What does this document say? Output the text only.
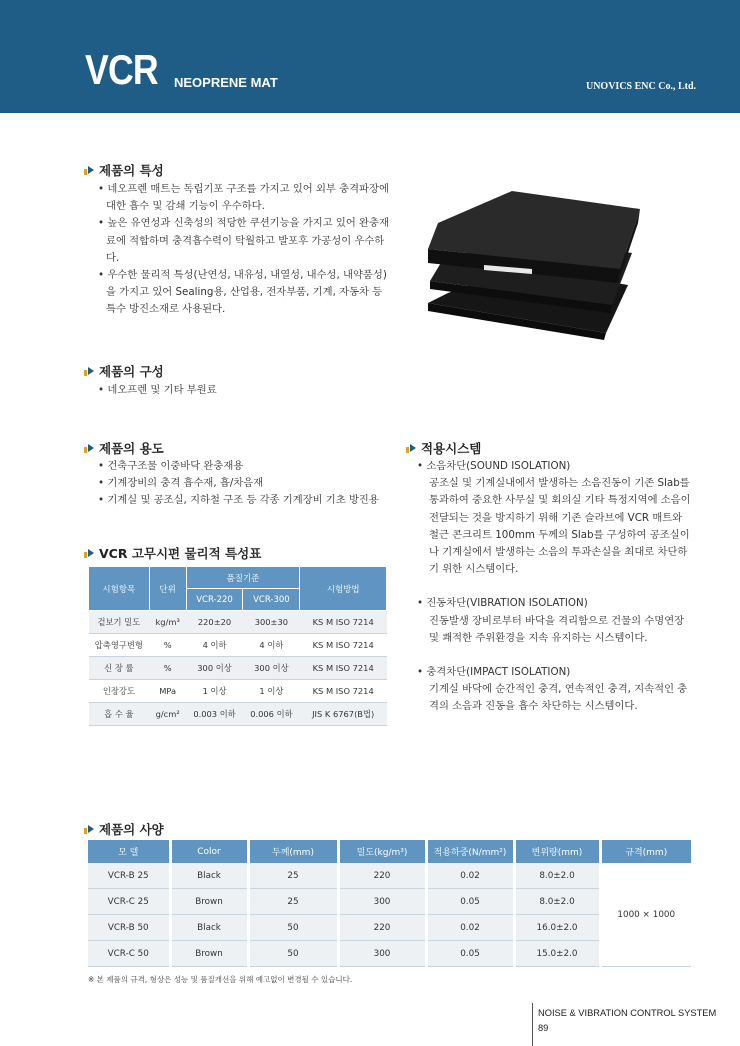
VCR NEOPRENE MAT	UNOVICS ENC Co., Ltd.
제품의 특성
• 네오프렌 매트는 독립기포 구조를 가지고 있어 외부 충격파장에 대한 흡수 및 감쇄 기능이 우수하다.
• 높은 유연성과 신축성의 적당한 쿠션기능을 가지고 있어 완충재료에 적합하며 충격흡수력이 탁월하고 발포후 가공성이 우수하다.
• 우수한 물리적 특성(난연성, 내유성, 내열성, 내수성, 내약품성)을 가지고 있어 Sealing용, 산업용, 전자부품, 기계, 자동차 등 특수 방진소재로 사용된다.
제품의 구성
• 네오프렌 및 기타 부원료
제품의 용도
• 건축구조물 이중바닥 완충재용
• 기계장비의 충격 흡수재, 흡/차음재
• 기계실 및 공조실, 지하철 구조 등 각종 기계장비 기초 방진용
VCR 고무시편 물리적 특성표
시험항목	단위	품질기준		시험방법
		VCR-220	VCR-300	
겉보기 밀도	kg/m³	220±20	300±30	KS M ISO 7214
압축영구변형	%	4 이하	4 이하	KS M ISO 7214
신 장 률	%	300 이상	300 이상	KS M ISO 7214
인장강도	MPa	1 이상	1 이상	KS M ISO 7214
흡 수 율	g/cm²	0.003 이하	0.006 이하	JIS K 6767(B법)
적용시스템
• 소음차단(SOUND ISOLATION)
공조실 및 기계실내에서 발생하는 소음진동이 기존 Slab를 통과하여 중요한 사무실 및 회의실 기타 특정지역에 소음이 전달되는 것을 방지하기 위해 기존 슬라브에 VCR 매트와 철근 콘크리트 100mm 두께의 Slab를 구성하여 공조실이나 기계실에서 발생하는 소음의 투과손실을 최대로 차단하기 위한 시스템이다.
• 진동차단(VIBRATION ISOLATION)
진동발생 장비로부터 바닥을 격리함으로 건물의 수명연장 및 쾌적한 주위환경을 지속 유지하는 시스템이다.
• 충격차단(IMPACT ISOLATION)
기계실 바닥에 순간적인 충격, 연속적인 충격, 지속적인 충격의 소음과 진동을 흡수 차단하는 시스템이다.
제품의 사양
모 델	Color	두께(mm)	밀도(kg/m³)	적용하중(N/mm²)	변위량(mm)	규격(mm)
VCR-B 25	Black	25	220	0.02	8.0±2.0	1000 × 1000
VCR-C 25	Brown	25	300	0.05	8.0±2.0	
VCR-B 50	Black	50	220	0.02	16.0±2.0	
VCR-C 50	Brown	50	300	0.05	15.0±2.0	
※ 본 제품의 규격, 형상은 성능 및 품질개선을 위해 예고없이 변경될 수 있습니다.
NOISE & VIBRATION CONTROL SYSTEM
89
